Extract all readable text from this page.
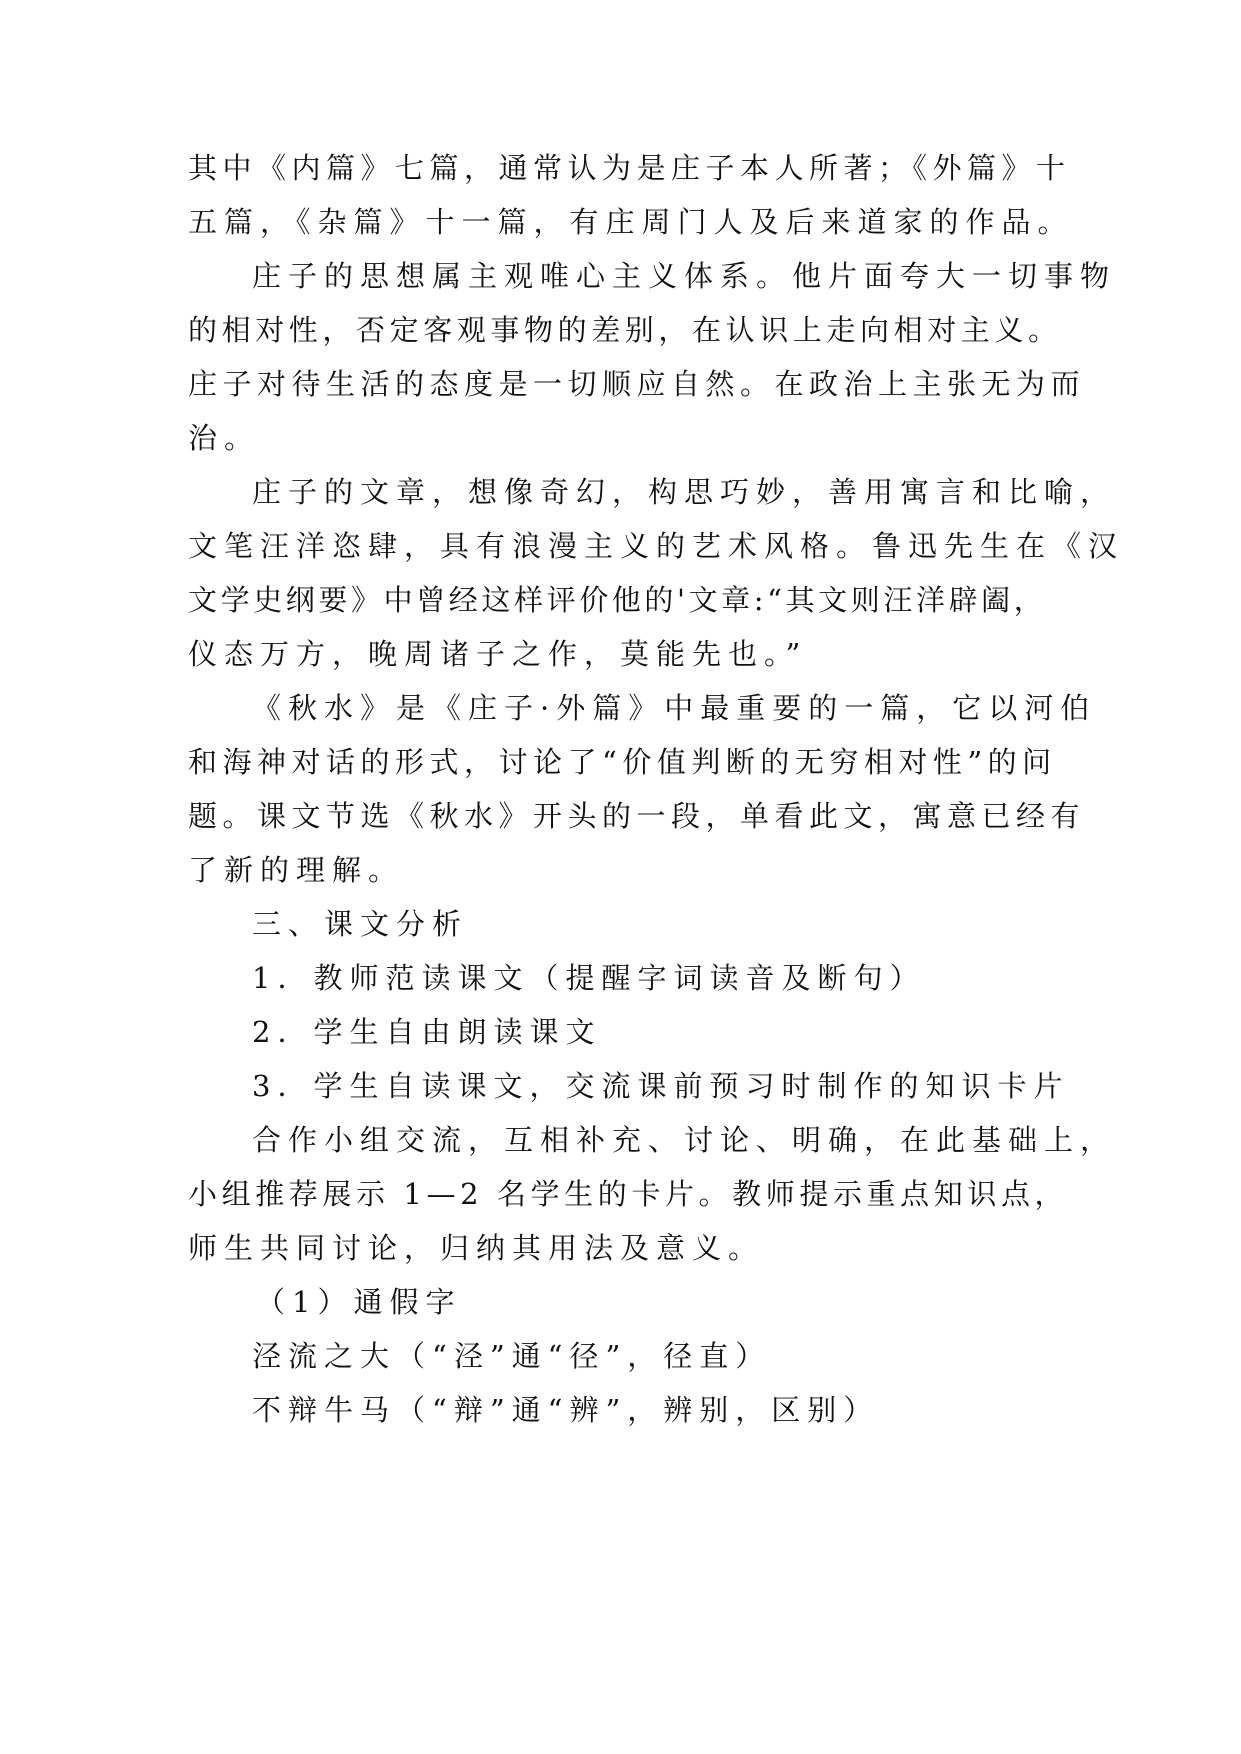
其中《内篇》七篇，通常认为是庄子本人所著；《外篇》十
五篇，《杂篇》十一篇，有庄周门人及后来道家的作品。
庄子的思想属主观唯心主义体系。他片面夸大一切事物
的相对性，否定客观事物的差别，在认识上走向相对主义。
庄子对待生活的态度是一切顺应自然。在政治上主张无为而
治。
庄子的文章，想像奇幻，构思巧妙，善用寓言和比喻，
文笔汪洋恣肆，具有浪漫主义的艺术风格。鲁迅先生在《汉
文学史纲要》中曾经这样评价他的'文章:“其文则汪洋辟阖，
仪态万方，晚周诸子之作，莫能先也。”
《秋水》是《庄子·外篇》中最重要的一篇，它以河伯
和海神对话的形式，讨论了“价值判断的无穷相对性”的问
题。课文节选《秋水》开头的一段，单看此文，寓意已经有
了新的理解。
三、课文分析
1．教师范读课文（提醒字词读音及断句）
2．学生自由朗读课文
3．学生自读课文，交流课前预习时制作的知识卡片
合作小组交流，互相补充、讨论、明确，在此基础上，
小组推荐展示 1—2 名学生的卡片。教师提示重点知识点，
师生共同讨论，归纳其用法及意义。
（1）通假字
泾流之大（“泾”通“径”，径直）
不辩牛马（“辩”通“辨”，辨别，区别）
